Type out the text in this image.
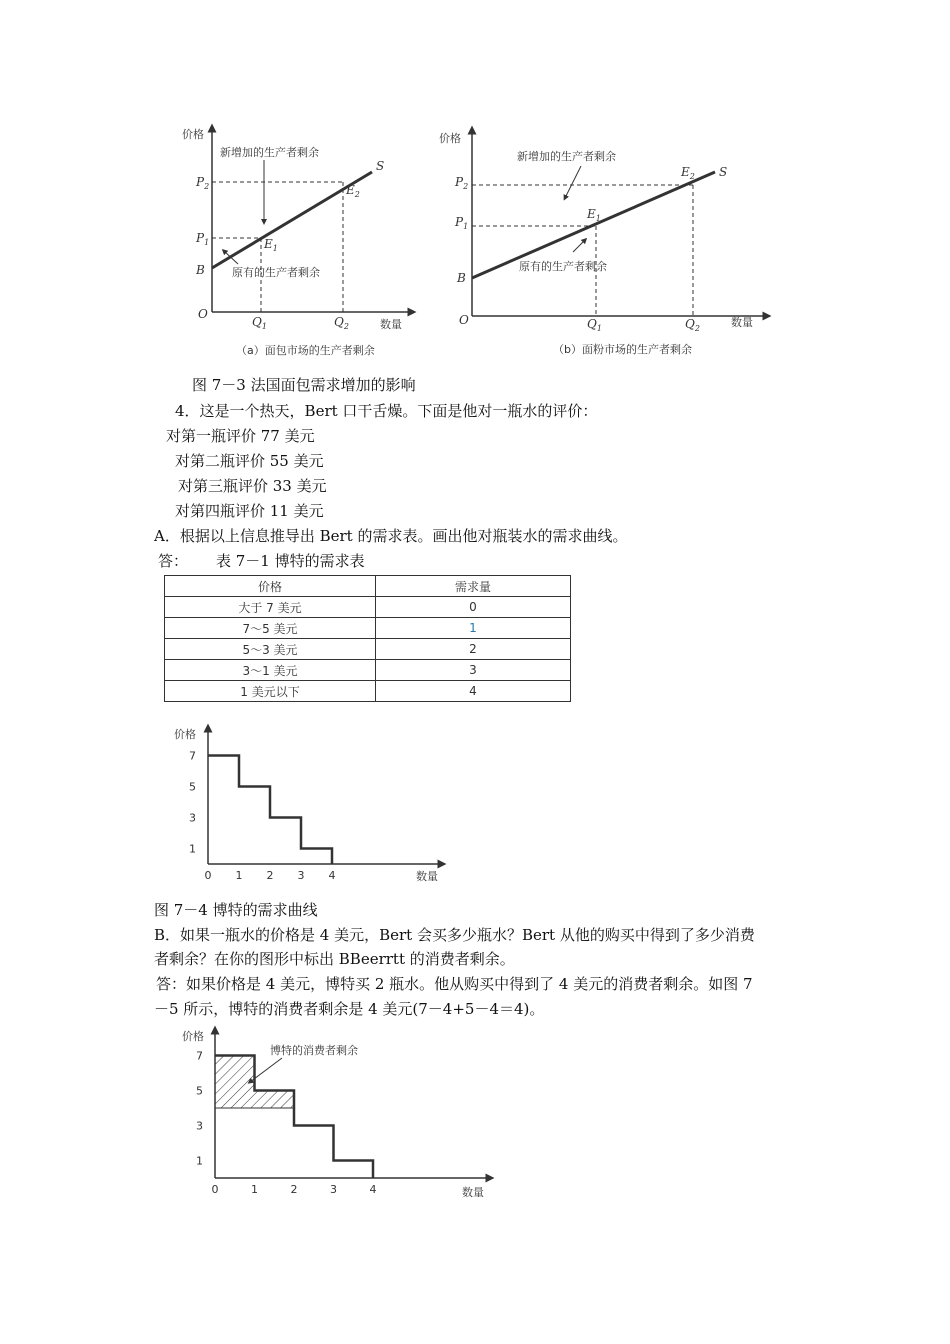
价格
数量
O
$P_2$
$P_1$
B
$Q_1$	$Q_2$
$E_1$
$E_2$
S
新增加的生产者剩余
原有的生产者剩余
（a）面包市场的生产者剩余
价格
数量
O
$P_2$
$P_1$
B
$Q_1$	$Q_2$
$E_1$
$E_2$ S
新增加的生产者剩余
原有的生产者剩余
（b）面粉市场的生产者剩余
图 7－3 法国面包需求增加的影响
4．这是一个热天，Bert 口干舌燥。下面是他对一瓶水的评价：
对第一瓶评价 77 美元
对第二瓶评价 55 美元
对第三瓶评价 33 美元
对第四瓶评价 11 美元
A．根据以上信息推导出 Bert 的需求表。画出他对瓶装水的需求曲线。
答： 表 7－1 博特的需求表
价格	需求量
大于 7 美元	0
7～5 美元	1
5～3 美元	2
3～1 美元	3
1 美元以下	4
价格
数量
7
5
3
1
0 1 2 3 4
图 7－4 博特的需求曲线
B．如果一瓶水的价格是 4 美元，Bert 会买多少瓶水？Bert 从他的购买中得到了多少消费
者剩余？在你的图形中标出 BBeerrtt 的消费者剩余。
答：如果价格是 4 美元，博特买 2 瓶水。他从购买中得到了 4 美元的消费者剩余。如图 7
－5 所示，博特的消费者剩余是 4 美元(7－4+5－4＝4)。
价格
数量
博特的消费者剩余
7
5
3
1
0	1	2	3	4
